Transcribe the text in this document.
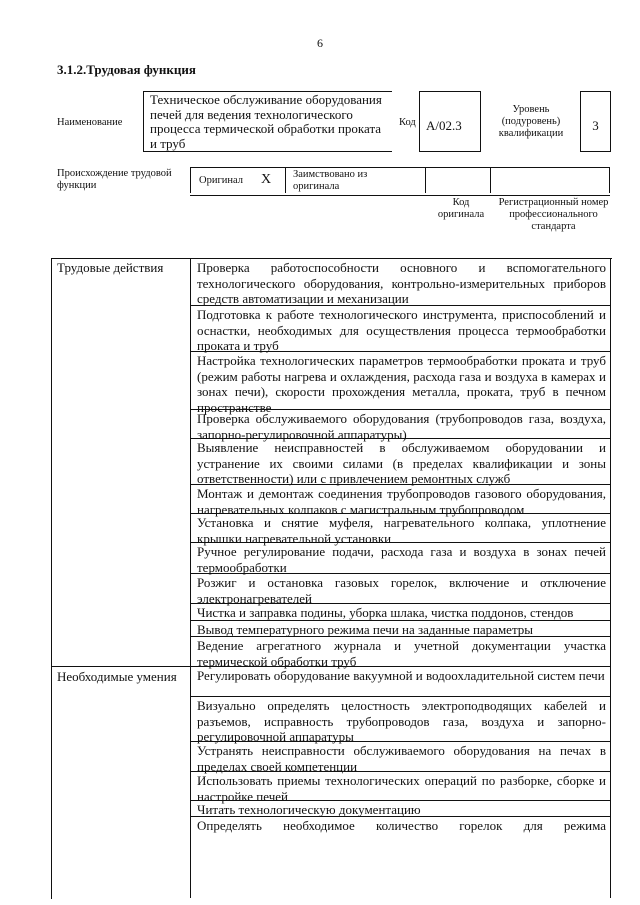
6
3.1.2.Трудовая функция
Наименование
Техническое обслуживание оборудования печей для ведения технологического процесса термической обработки проката и труб
Код А/02.3
Уровень (подуровень) квалификации
3
Происхождение трудовой функции	Оригинал X Заимствовано из оригинала
Код оригинала
Регистрационный номер профессионального стандарта
Трудовые действия	Проверка работоспособности основного и вспомогательного технологического оборудования, контрольно-измерительных приборов средств автоматизации и механизации
Подготовка к работе технологического инструмента, приспособлений и оснастки, необходимых для осуществления процесса термообработки проката и труб
Настройка технологических параметров термообработки проката и труб (режим работы нагрева и охлаждения, расхода газа и воздуха в камерах и зонах печи), скорости прохождения металла, проката, труб в печном пространстве
Проверка обслуживаемого оборудования (трубопроводов газа, воздуха, запорно-регулировочной аппаратуры)
Выявление неисправностей в обслуживаемом оборудовании и устранение их своими силами (в пределах квалификации и зоны ответственности) или с привлечением ремонтных служб
Монтаж и демонтаж соединения трубопроводов газового оборудования, нагревательных колпаков с магистральным трубопроводом
Установка и снятие муфеля, нагревательного колпака, уплотнение крышки нагревательной установки
Ручное регулирование подачи, расхода газа и воздуха в зонах печей термообработки
Розжиг и остановка газовых горелок, включение и отключение электронагревателей
Чистка и заправка подины, уборка шлака, чистка поддонов, стендов
Вывод температурного режима печи на заданные параметры
Ведение агрегатного журнала и учетной документации участка термической обработки труб
Необходимые умения	Регулировать оборудование вакуумной и водоохладительной систем печи
Визуально определять целостность электроподводящих кабелей и разъемов, исправность трубопроводов газа, воздуха и запорно-регулировочной аппаратуры
Устранять неисправности обслуживаемого оборудования на печах в пределах своей компетенции
Использовать приемы технологических операций по разборке, сборке и настройке печей
Читать технологическую документацию
Определять необходимое количество горелок для режима
